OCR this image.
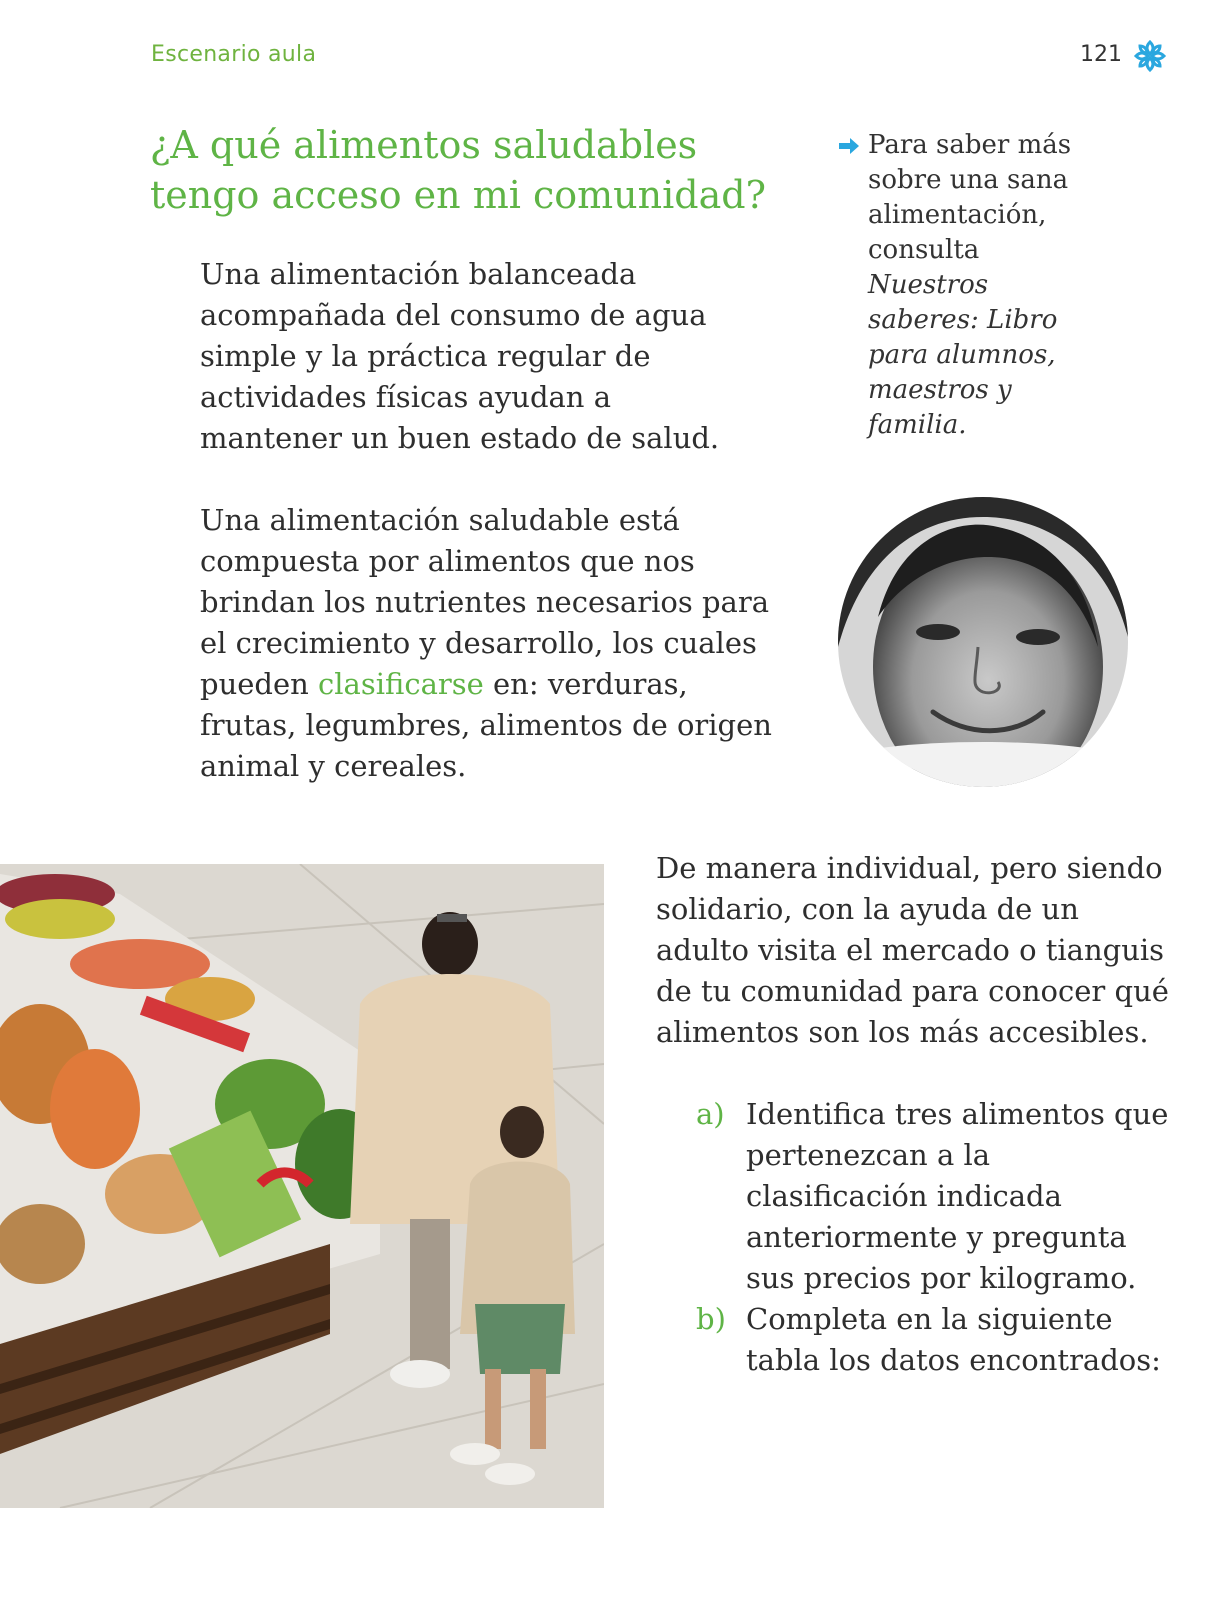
Escenario aula	121
¿A qué alimentos saludables tengo acceso en mi comunidad?

Una alimentación balanceada acompañada del consumo de agua simple y la práctica regular de actividades físicas ayudan a mantener un buen estado de salud.

Una alimentación saludable está compuesta por alimentos que nos brindan los nutrientes necesarios para el crecimiento y desarrollo, los cuales pueden clasificarse en: verduras, frutas, legumbres, alimentos de origen animal y cereales.

Para saber más sobre una sana alimentación, consulta Nuestros saberes: Libro para alumnos, maestros y familia.

De manera individual, pero siendo solidario, con la ayuda de un adulto visita el mercado o tianguis de tu comunidad para conocer qué alimentos son los más accesibles.

a) Identifica tres alimentos que pertenezcan a la clasificación indicada anteriormente y pregunta sus precios por kilogramo.
b) Completa en la siguiente tabla los datos encontrados:
